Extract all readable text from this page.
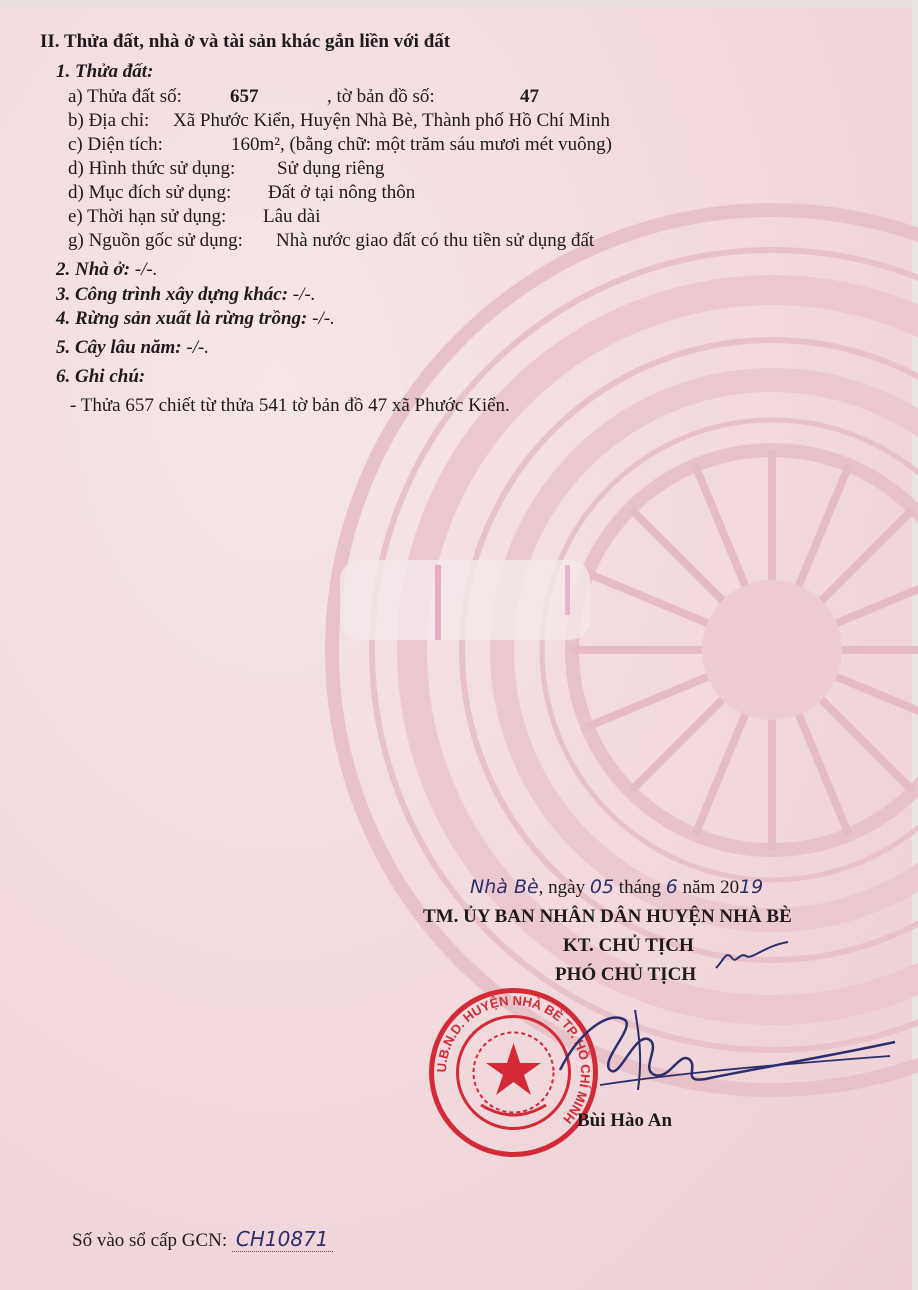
II. Thửa đất, nhà ở và tài sản khác gắn liền với đất
1. Thửa đất:
a) Thửa đất số:	657	, tờ bản đồ số:	47
b) Địa chỉ: Xã Phước Kiển, Huyện Nhà Bè, Thành phố Hồ Chí Minh
c) Diện tích:	160m², (bằng chữ: một trăm sáu mươi mét vuông)
d) Hình thức sử dụng: Sử dụng riêng
d) Mục đích sử dụng: Đất ở tại nông thôn
e) Thời hạn sử dụng: Lâu dài
g) Nguồn gốc sử dụng: Nhà nước giao đất có thu tiền sử dụng đất
2. Nhà ở: -/-.
3. Công trình xây dựng khác: -/-.
4. Rừng sản xuất là rừng trồng: -/-.
5. Cây lâu năm: -/-.
6. Ghi chú:
- Thửa 657 chiết từ thửa 541 tờ bản đồ 47 xã Phước Kiển.
Nhà Bè, ngày 05 tháng 6 năm 2019
TM. ỦY BAN NHÂN DÂN HUYỆN NHÀ BÈ
KT. CHỦ TỊCH
PHÓ CHỦ TỊCH
U.B.N.D. HUYỆN NHÀ BÈ TP. HỒ CHÍ MINH Bùi Hào An
Số vào sổ cấp GCN: CH10871
